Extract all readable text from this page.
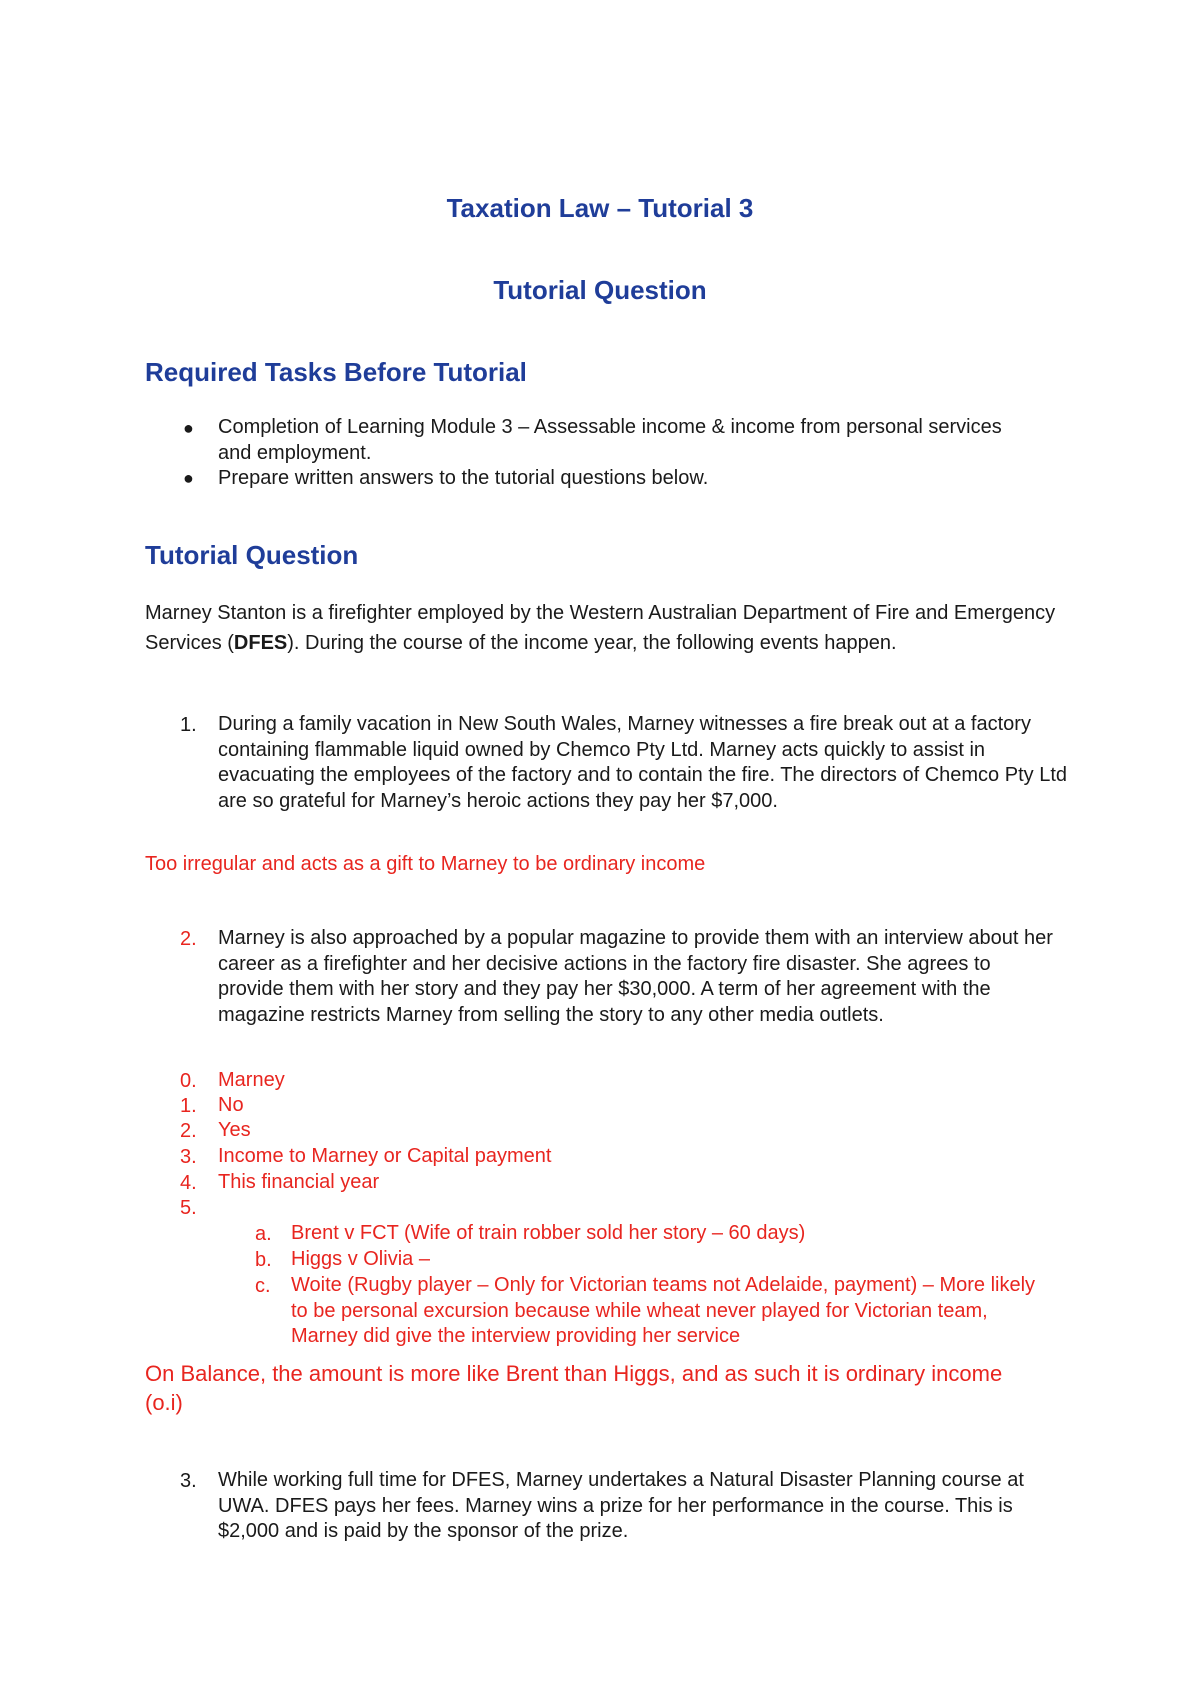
Taxation Law – Tutorial 3
Tutorial Question
Required Tasks Before Tutorial
● Completion of Learning Module 3 – Assessable income & income from personal services and employment.
● Prepare written answers to the tutorial questions below.
Tutorial Question
Marney Stanton is a firefighter employed by the Western Australian Department of Fire and Emergency Services (DFES). During the course of the income year, the following events happen.
1. During a family vacation in New South Wales, Marney witnesses a fire break out at a factory containing flammable liquid owned by Chemco Pty Ltd. Marney acts quickly to assist in evacuating the employees of the factory and to contain the fire. The directors of Chemco Pty Ltd are so grateful for Marney’s heroic actions they pay her $7,000.
Too irregular and acts as a gift to Marney to be ordinary income
2. Marney is also approached by a popular magazine to provide them with an interview about her career as a firefighter and her decisive actions in the factory fire disaster. She agrees to provide them with her story and they pay her $30,000. A term of her agreement with the magazine restricts Marney from selling the story to any other media outlets.
0. Marney
1. No
2. Yes
3. Income to Marney or Capital payment
4. This financial year
5.
a. Brent v FCT (Wife of train robber sold her story – 60 days)
b. Higgs v Olivia –
c. Woite (Rugby player – Only for Victorian teams not Adelaide, payment) – More likely to be personal excursion because while wheat never played for Victorian team, Marney did give the interview providing her service
On Balance, the amount is more like Brent than Higgs, and as such it is ordinary income (o.i)
3. While working full time for DFES, Marney undertakes a Natural Disaster Planning course at UWA. DFES pays her fees. Marney wins a prize for her performance in the course. This is $2,000 and is paid by the sponsor of the prize.
